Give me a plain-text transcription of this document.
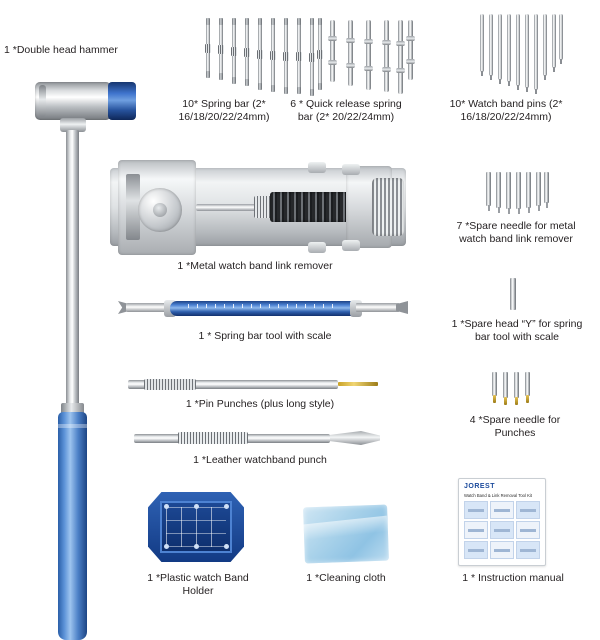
1 *Double head hammer
10* Spring bar (2* 16/18/20/22/24mm)
6 * Quick release spring bar (2* 20/22/24mm)
10* Watch band pins (2* 16/18/20/22/24mm)
1 *Metal watch band link remover
1 * Spring bar tool with scale
1 *Pin Punches (plus long style)
1 *Leather watchband punch
7 *Spare needle for metal watch band link remover
1 *Spare head “Y” for spring bar tool with scale
4 *Spare needle for Punches
1 *Plastic watch Band Holder
1 *Cleaning cloth
JOREST
Watch Band & Link Removal Tool Kit
1 * Instruction manual
